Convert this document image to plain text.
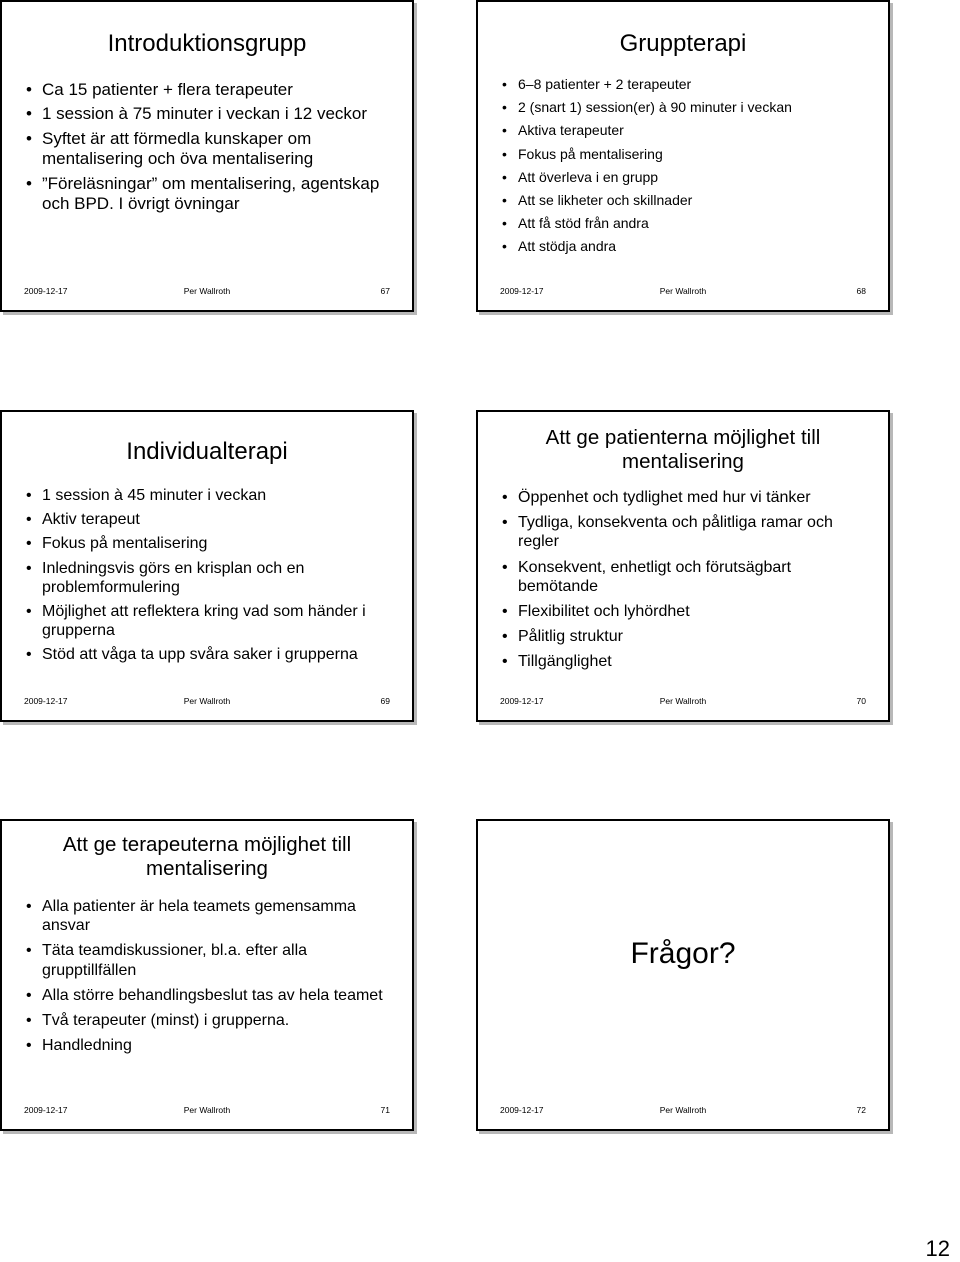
Introduktionsgrupp
• Ca 15 patienter + flera terapeuter
• 1 session à 75 minuter i veckan i 12 veckor
• Syftet är att förmedla kunskaper om mentalisering och öva mentalisering
• ”Föreläsningar” om mentalisering, agentskap och BPD. I övrigt övningar
2009-12-17	Per Wallroth	67
Gruppterapi
• 6–8 patienter + 2 terapeuter
• 2 (snart 1) session(er) à 90 minuter i veckan
• Aktiva terapeuter
• Fokus på mentalisering
• Att överleva i en grupp
• Att se likheter och skillnader
• Att få stöd från andra
• Att stödja andra
2009-12-17	Per Wallroth	68
Individualterapi
• 1 session à 45 minuter i veckan
• Aktiv terapeut
• Fokus på mentalisering
• Inledningsvis görs en krisplan och en problemformulering
• Möjlighet att reflektera kring vad som händer i grupperna
• Stöd att våga ta upp svåra saker i grupperna
2009-12-17	Per Wallroth	69
Att ge patienterna möjlighet till mentalisering
• Öppenhet och tydlighet med hur vi tänker
• Tydliga, konsekventa och pålitliga ramar och regler
• Konsekvent, enhetligt och förutsägbart bemötande
• Flexibilitet och lyhördhet
• Pålitlig struktur
• Tillgänglighet
2009-12-17	Per Wallroth	70
Att ge terapeuterna möjlighet till mentalisering
• Alla patienter är hela teamets gemensamma ansvar
• Täta teamdiskussioner, bl.a. efter alla grupptillfällen
• Alla större behandlingsbeslut tas av hela teamet
• Två terapeuter (minst) i grupperna.
• Handledning
2009-12-17	Per Wallroth	71
Frågor?
2009-12-17	Per Wallroth	72
12
